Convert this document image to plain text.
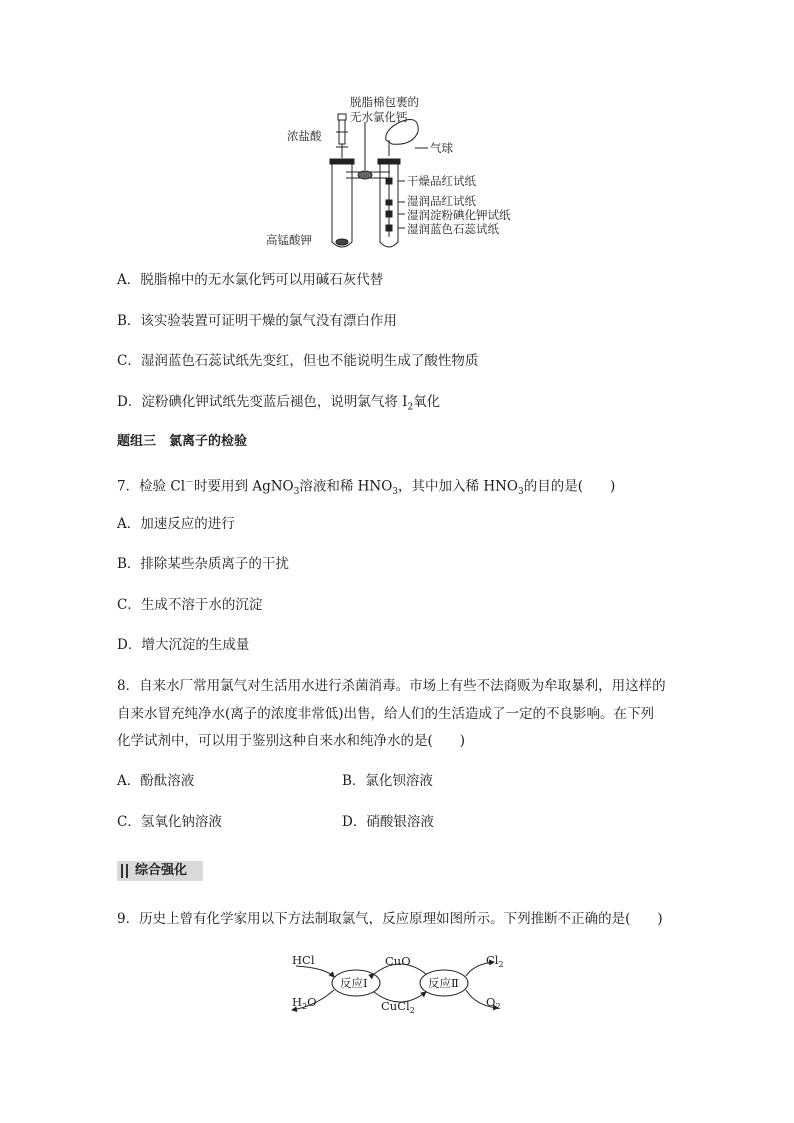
脱脂棉包裹的
无水氯化钙
浓盐酸
气球
干燥品红试纸
湿润品红试纸
湿润淀粉碘化钾试纸
湿润蓝色石蕊试纸
高锰酸钾
A．脱脂棉中的无水氯化钙可以用碱石灰代替
B．该实验装置可证明干燥的氯气没有漂白作用
C．湿润蓝色石蕊试纸先变红，但也不能说明生成了酸性物质
D．淀粉碘化钾试纸先变蓝后褪色，说明氯气将 $I_2$氧化
题组三　氯离子的检验
7．检验 Cl－时要用到 AgNO$_3$溶液和稀 $HNO_3$，其中加入稀 $HNO_3$的目的是(　　)
A．加速反应的进行
B．排除某些杂质离子的干扰
C．生成不溶于水的沉淀
D．增大沉淀的生成量
8．自来水厂常用氯气对生活用水进行杀菌消毒。市场上有些不法商贩为牟取暴利，用这样的
自来水冒充纯净水(离子的浓度非常低)出售，给人们的生活造成了一定的不良影响。在下列
化学试剂中，可以用于鉴别这种自来水和纯净水的是(　　)
A．酚酞溶液	B．氯化钡溶液
C．氢氧化钠溶液	D．硝酸银溶液
综合强化
9．历史上曾有化学家用以下方法制取氯气，反应原理如图所示。下列推断不正确的是(　　)
HCl
$H_2O$
反应Ⅰ
CuO
CuCl$_2$
反应Ⅱ
$Cl_2$
$O_2$
